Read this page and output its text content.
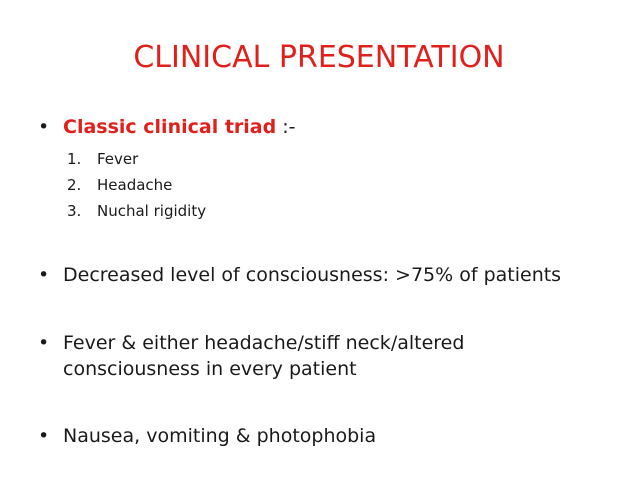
CLINICAL PRESENTATION
• Classic clinical triad :-
1.	Fever
2.	Headache
3.	Nuchal rigidity
• Decreased level of consciousness: >75% of patients
• Fever & either headache/stiff neck/altered consciousness in every patient
• Nausea, vomiting & photophobia
